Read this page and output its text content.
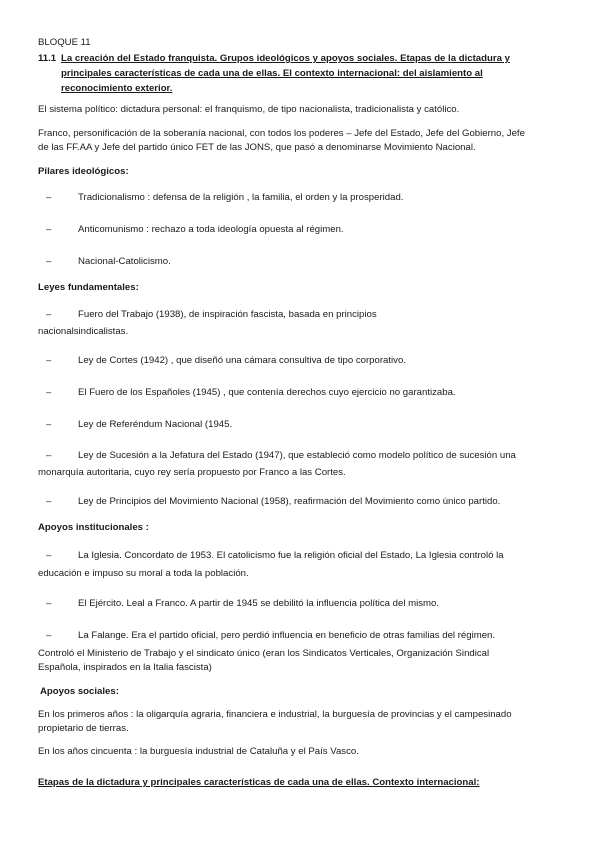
BLOQUE 11
11.1 La creación del Estado franquista. Grupos ideológicos y apoyos sociales. Etapas de la dictadura y
principales características de cada una de ellas. El contexto internacional: del aislamiento al
reconocimiento exterior.
El sistema político: dictadura personal: el franquismo, de tipo nacionalista, tradicionalista y católico.
Franco, personificación de la soberanía nacional, con todos los poderes – Jefe del Estado, Jefe del Gobierno, Jefe
de las FF.AA y Jefe del partido único FET de las JONS, que pasó a denominarse Movimiento Nacional.
Pilares ideológicos:
–	Tradicionalismo : defensa de la religión , la familia, el orden y la prosperidad.
–	Anticomunismo : rechazo a toda ideología opuesta al régimen.
–	Nacional-Catolicismo.
Leyes fundamentales:
–	Fuero del Trabajo (1938), de inspiración fascista, basada en principios
nacionalsindicalistas.
–	Ley de Cortes (1942) , que diseñó una cámara consultiva de tipo corporativo.
–	El Fuero de los Españoles (1945) , que contenía derechos cuyo ejercicio no garantizaba.
–	Ley de Referéndum Nacional (1945.
–	Ley de Sucesión a la Jefatura del Estado (1947), que estableció como modelo político de sucesión una
monarquía autoritaria, cuyo rey sería propuesto por Franco a las Cortes.
–	Ley de Principios del Movimiento Nacional (1958), reafirmación del Movimiento como único partido.
Apoyos institucionales :
–	La Iglesia. Concordato de 1953. El catolicismo fue la religión oficial del Estado, La Iglesia controló la
educación e impuso su moral a toda la población.
–	El Ejército. Leal a Franco. A partir de 1945 se debilitó la influencia política del mismo.
–	La Falange. Era el partido oficial, pero perdió influencia en beneficio de otras familias del régimen.
Controló el Ministerio de Trabajo y el sindicato único (eran los Sindicatos Verticales, Organización Sindical
Española, inspirados en la Italia fascista)
Apoyos sociales:
En los primeros años : la oligarquía agraria, financiera e industrial, la burguesía de provincias y el campesinado
propietario de tierras.
En los años cincuenta : la burguesía industrial de Cataluña y el País Vasco.
Etapas de la dictadura y principales características de cada una de ellas. Contexto internacional:
